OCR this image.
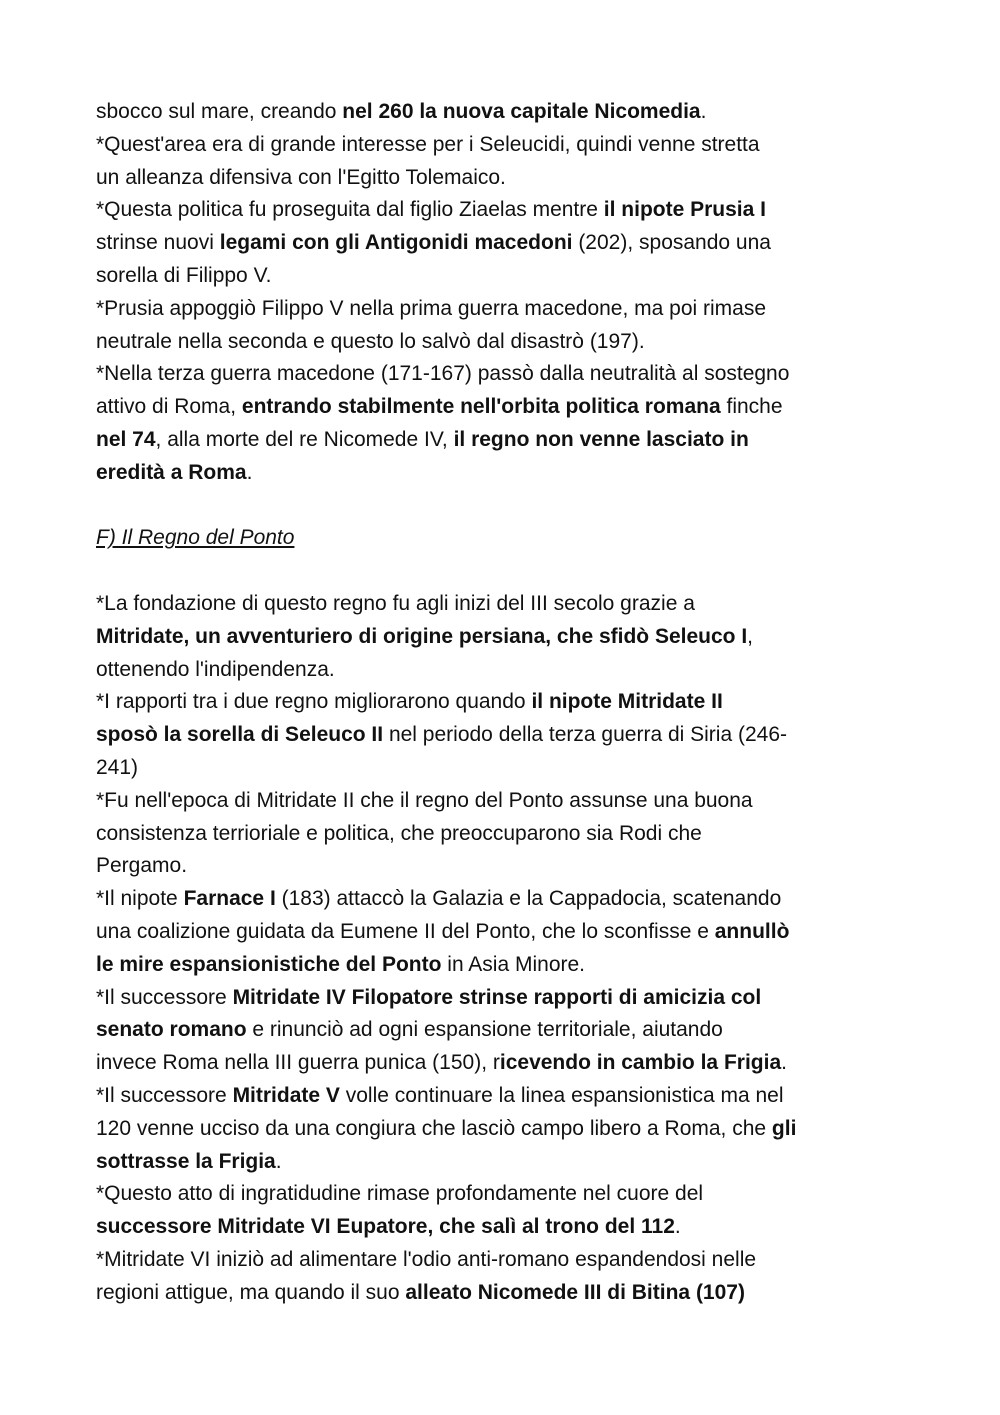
sbocco sul mare, creando nel 260 la nuova capitale Nicomedia.
*Quest'area era di grande interesse per i Seleucidi, quindi venne stretta
un alleanza difensiva con l'Egitto Tolemaico.
*Questa politica fu proseguita dal figlio Ziaelas mentre il nipote Prusia I
strinse nuovi legami con gli Antigonidi macedoni (202), sposando una
sorella di Filippo V.
*Prusia appoggiò Filippo V nella prima guerra macedone, ma poi rimase
neutrale nella seconda e questo lo salvò dal disastrò (197).
*Nella terza guerra macedone (171-167) passò dalla neutralità al sostegno
attivo di Roma, entrando stabilmente nell'orbita politica romana finche
nel 74, alla morte del re Nicomede IV, il regno non venne lasciato in
eredità a Roma.
F) Il Regno del Ponto
*La fondazione di questo regno fu agli inizi del III secolo grazie a
Mitridate, un avventuriero di origine persiana, che sfidò Seleuco I,
ottenendo l'indipendenza.
*I rapporti tra i due regno migliorarono quando il nipote Mitridate II
sposò la sorella di Seleuco II nel periodo della terza guerra di Siria (246-
241)
*Fu nell'epoca di Mitridate II che il regno del Ponto assunse una buona
consistenza terrioriale e politica, che preoccuparono sia Rodi che
Pergamo.
*Il nipote Farnace I (183) attaccò la Galazia e la Cappadocia, scatenando
una coalizione guidata da Eumene II del Ponto, che lo sconfisse e annullò
le mire espansionistiche del Ponto in Asia Minore.
*Il successore Mitridate IV Filopatore strinse rapporti di amicizia col
senato romano e rinunciò ad ogni espansione territoriale, aiutando
invece Roma nella III guerra punica (150), ricevendo in cambio la Frigia.
*Il successore Mitridate V volle continuare la linea espansionistica ma nel
120 venne ucciso da una congiura che lasciò campo libero a Roma, che gli
sottrasse la Frigia.
*Questo atto di ingratidudine rimase profondamente nel cuore del
successore Mitridate VI Eupatore, che salì al trono del 112.
*Mitridate VI iniziò ad alimentare l'odio anti-romano espandendosi nelle
regioni attigue, ma quando il suo alleato Nicomede III di Bitina (107)
